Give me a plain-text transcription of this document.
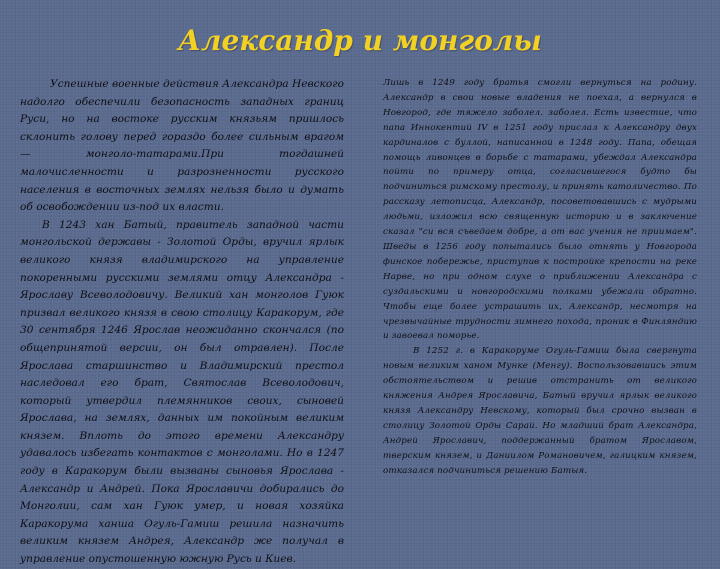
Александр и монголы

Успешные военные действия Александра Невского надолго обеспечили безопасность западных границ Руси, но на востоке русским князьям пришлось склонить голову перед гораздо более сильным врагом — монголо-татарами.При тогдашней малочисленности и разрозненности русского населения в восточных землях нельзя было и думать об освобождении из-под их власти.

В 1243 хан Батый, правитель западной части монгольской державы - Золотой Орды, вручил ярлык великого князя владимирского на управление покоренными русскими землями отцу Александра - Ярославу Всеволодовичу. Великий хан монголов Гуюк призвал великого князя в свою столицу Каракорум, где 30 сентября 1246 Ярослав неожиданно скончался (по общепринятой версии, он был отравлен). После Ярослава старшинство и Владимирский престол наследовал его брат, Святослав Всеволодович, который утвердил племянников своих, сыновей Ярослава, на землях, данных им покойным великим князем. Вплоть до этого времени Александру удавалось избегать контактов с монголами. Но в 1247 году в Каракорум были вызваны сыновья Ярослава - Александр и Андрей. Пока Ярославичи добирались до Монголии, сам хан Гуюк умер, и новая хозяйка Каракорума ханша Огуль-Гамиш решила назначить великим князем Андрея, Александр же получал в управление опустошенную южную Русь и Киев.

Лишь в 1249 году братья смогли вернуться на родину. Александр в свои новые владения не поехал, а вернулся в Новгород, где тяжело заболел. заболел. Есть известие, что папа Иннокентий IV в 1251 году прислал к Александру двух кардиналов с буллой, написанной в 1248 году. Папа, обещая помощь ливонцев в борьбе с татарами, убеждал Александра пойти по примеру отца, согласившегося будто бы подчиниться римскому престолу, и принять католичество. По рассказу летописца, Александр, посоветовавшись с мудрыми людьми, изложил всю священную историю и в заключение сказал "си вся съведаем добре, а от вас учения не приимаем". Шведы в 1256 году попытались было отнять у Новгорода финское побережье, приступив к постройке крепости на реке Нарве, но при одном слухе о приближении Александра с суздальскими и новгородскими полками убежали обратно. Чтобы еще более устрашить их, Александр, несмотря на чрезвычайные трудности зимнего похода, проник в Финляндию и завоевал поморье.

В 1252 г. в Каракоруме Огуль-Гамиш была свергнута новым великим ханом Мунке (Менгу). Воспользовавшись этим обстоятельством и решив отстранить от великого княжения Андрея Ярославича, Батый вручил ярлык великого князя Александру Невскому, который был срочно вызван в столицу Золотой Орды Сарай. Но младший брат Александра, Андрей Ярославич, поддержанный братом Ярославом, тверским князем, и Даниилом Романовичем, галицким князем, отказался подчиниться решению Батыя.
